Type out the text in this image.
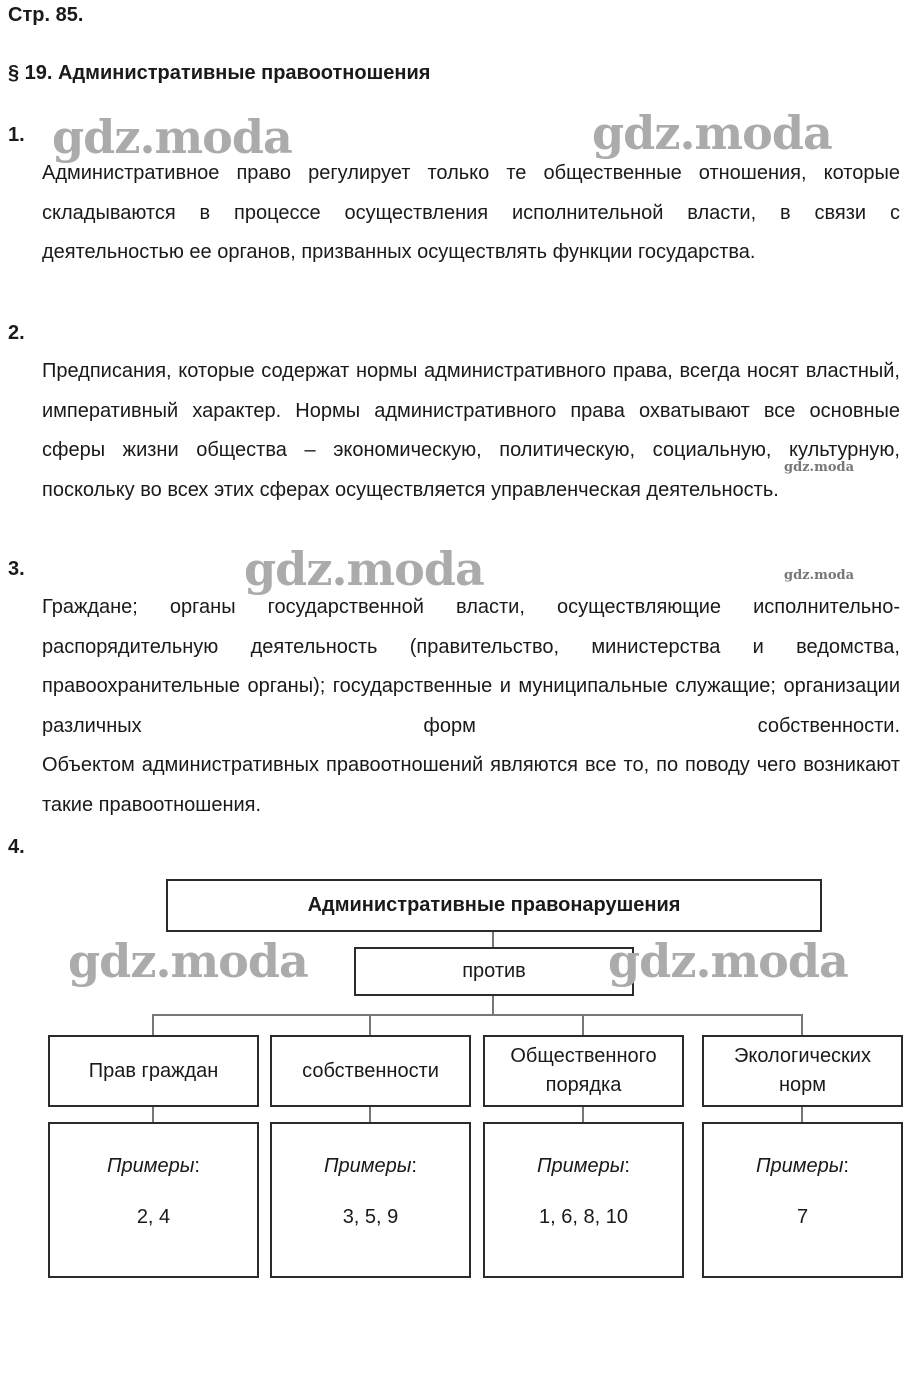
Стр. 85.
§ 19. Административные правоотношения
1.
Административное право регулирует только те общественные отношения, которые складываются в процессе осуществления исполнительной власти, в связи с деятельностью ее органов, призванных осуществлять функции государства.
2.
Предписания, которые содержат нормы административного права, всегда носят властный, императивный характер. Нормы административного права охватывают все основные сферы жизни общества – экономическую, политическую, социальную, культурную, поскольку во всех этих сферах осуществляется управленческая деятельность.
3.
Граждане; органы государственной власти, осуществляющие исполнительно-распорядительную деятельность (правительство, министерства и ведомства, правоохранительные органы); государственные и муниципальные служащие; организации различных форм собственности.
Объектом административных правоотношений являются все то, по поводу чего возникают такие правоотношения.
4.
Административные правонарушения
против
Прав граждан	собственности
Общественного порядка
Экологических норм
Примеры:
2, 4
Примеры:
3, 5, 9
Примеры:
1, 6, 8, 10
Примеры:
7
gdz.moda	gdz.moda
gdz.moda
gdz.moda	gdz.moda
gdz.moda	gdz.moda
